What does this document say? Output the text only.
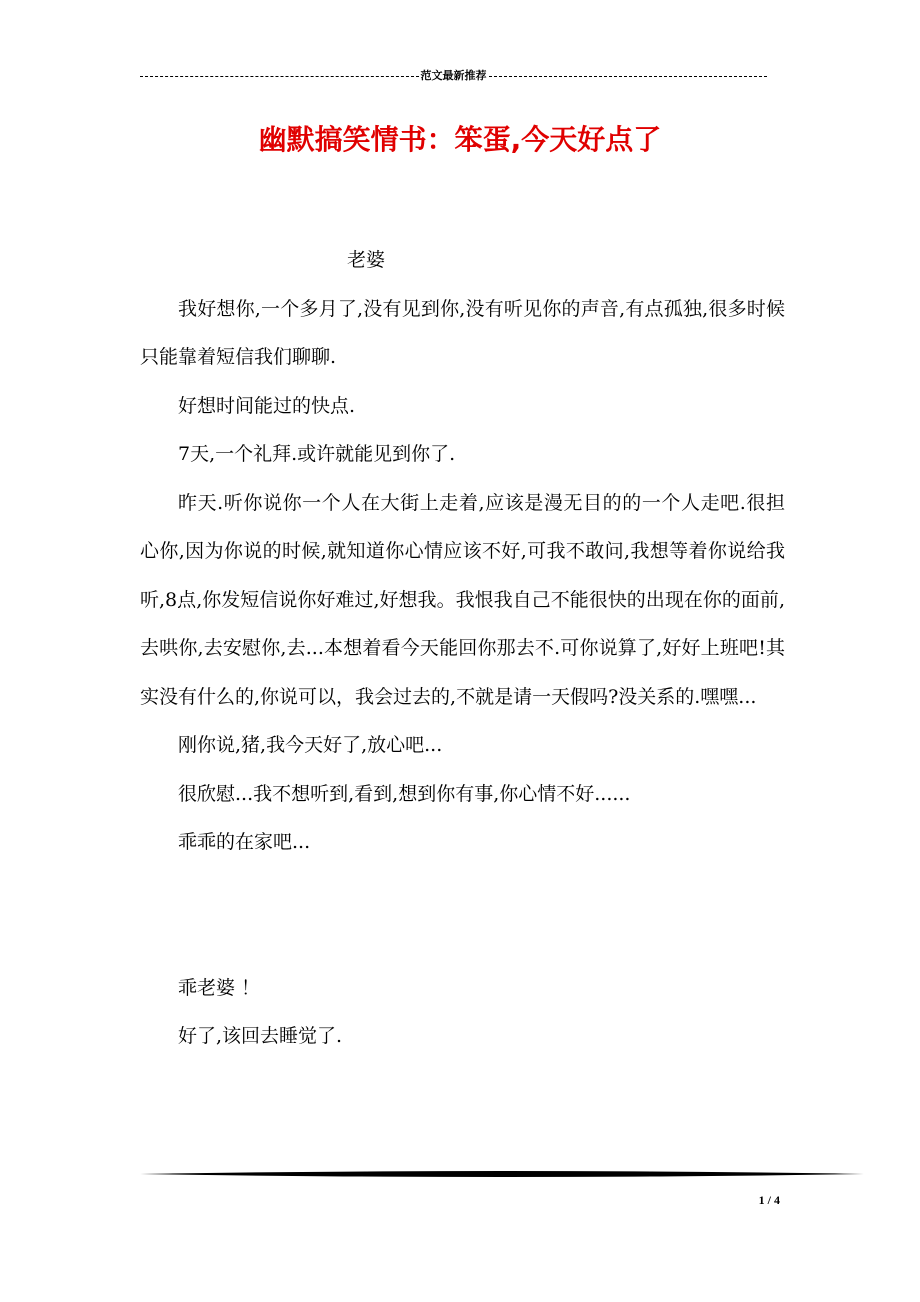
范文最新推荐
幽默搞笑情书：笨蛋,今天好点了

老婆

我好想你,一个多月了,没有见到你,没有听见你的声音,有点孤独,很多时候只能靠着短信我们聊聊.

好想时间能过的快点.

7天,一个礼拜.或许就能见到你了.

昨天.听你说你一个人在大街上走着,应该是漫无目的的一个人走吧.很担心你,因为你说的时候,就知道你心情应该不好,可我不敢问,我想等着你说给我听,8点,你发短信说你好难过,好想我。我恨我自己不能很快的出现在你的面前,去哄你,去安慰你,去...本想着看今天能回你那去不.可你说算了,好好上班吧!其实没有什么的,你说可以，我会过去的,不就是请一天假吗?没关系的.嘿嘿...

刚你说,猪,我今天好了,放心吧...

很欣慰...我不想听到,看到,想到你有事,你心情不好......

乖乖的在家吧...

乖老婆 ！

好了,该回去睡觉了.

1 / 4
